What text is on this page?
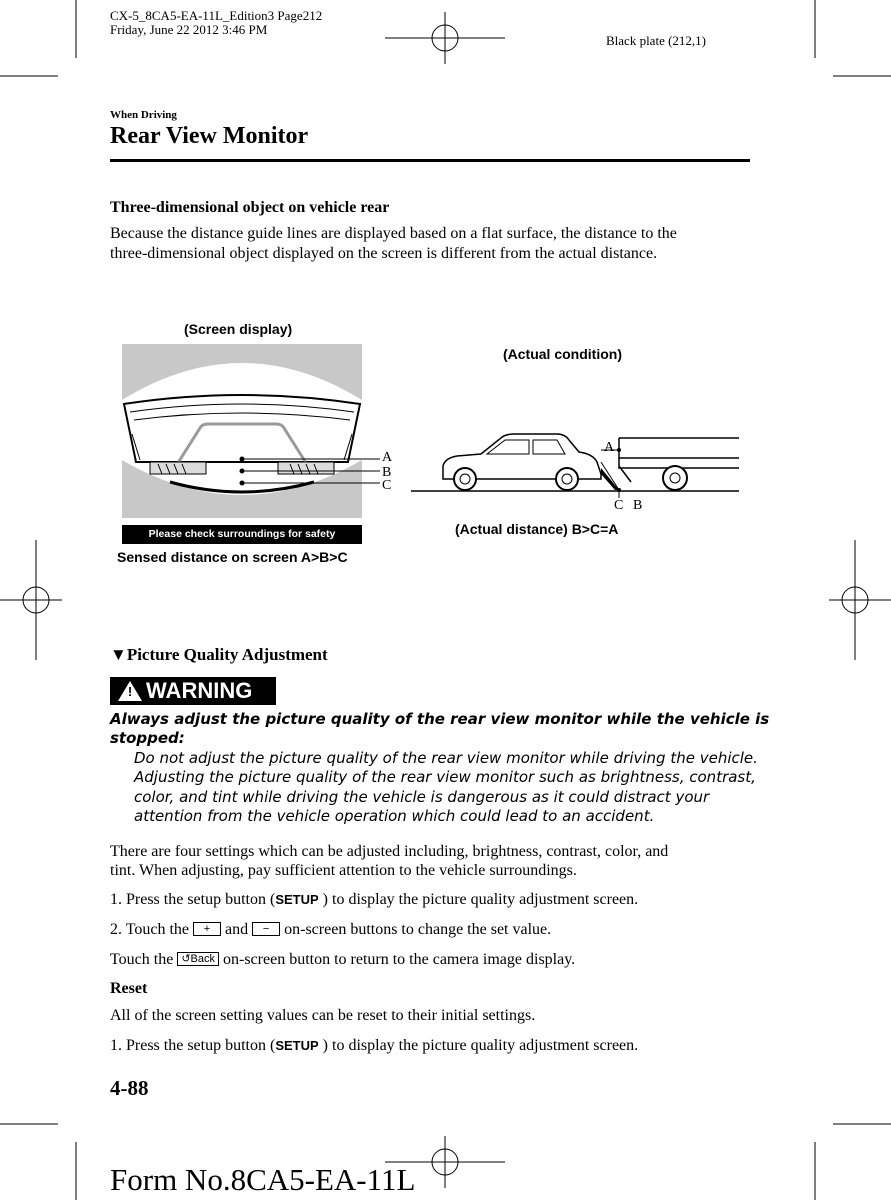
CX-5_8CA5-EA-11L_Edition3 Page212
Friday, June 22 2012 3:46 PM
Black plate (212,1)
When Driving
Rear View Monitor
Three-dimensional object on vehicle rear
Because the distance guide lines are displayed based on a flat surface, the distance to the
three-dimensional object displayed on the screen is different from the actual distance.
(Screen display)
(Actual condition)
Please check surroundings for safety
A
B
C
Sensed distance on screen A>B>C
A
C B
(Actual distance) B>C=A
▼Picture Quality Adjustment
! WARNING
Always adjust the picture quality of the rear view monitor while the vehicle is
stopped:
Do not adjust the picture quality of the rear view monitor while driving the vehicle.
Adjusting the picture quality of the rear view monitor such as brightness, contrast,
color, and tint while driving the vehicle is dangerous as it could distract your
attention from the vehicle operation which could lead to an accident.
There are four settings which can be adjusted including, brightness, contrast, color, and
tint. When adjusting, pay sufficient attention to the vehicle surroundings.
1. Press the setup button (SETUP ) to display the picture quality adjustment screen.
2. Touch the + and − on-screen buttons to change the set value.
Touch the ↺Back on-screen button to return to the camera image display.
Reset
All of the screen setting values can be reset to their initial settings.
1. Press the setup button (SETUP ) to display the picture quality adjustment screen.
4-88
Form No.8CA5-EA-11L
